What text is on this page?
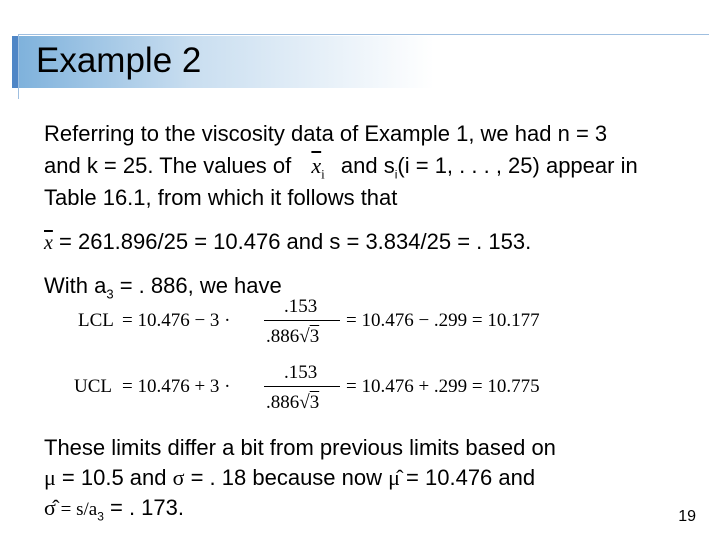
Example 2
Referring to the viscosity data of Example 1, we had n = 3
and k = 25. The values of $\overline{x}_i$ and $s_i(i = 1$, . . . , 25) appear in
Table 16.1, from which it follows that
$\overline{x} = 261.896/25 = 10.476$ and s = 3.834/25 = . 153.
With $a_3$ = . 886, we have
LCL = 10.476 − 3 ·
.153
.886√3
= 10.476 − .299 = 10.177
UCL = 10.476 + 3 ·
.153
.886√3
= 10.476 + .299 = 10.775
These limits differ a bit from previous limits based on
μ = 10.5 and σ = . 18 because now μ̂ = 10.476 and
σ̂ = $s/a_3$ = . 173.	19
